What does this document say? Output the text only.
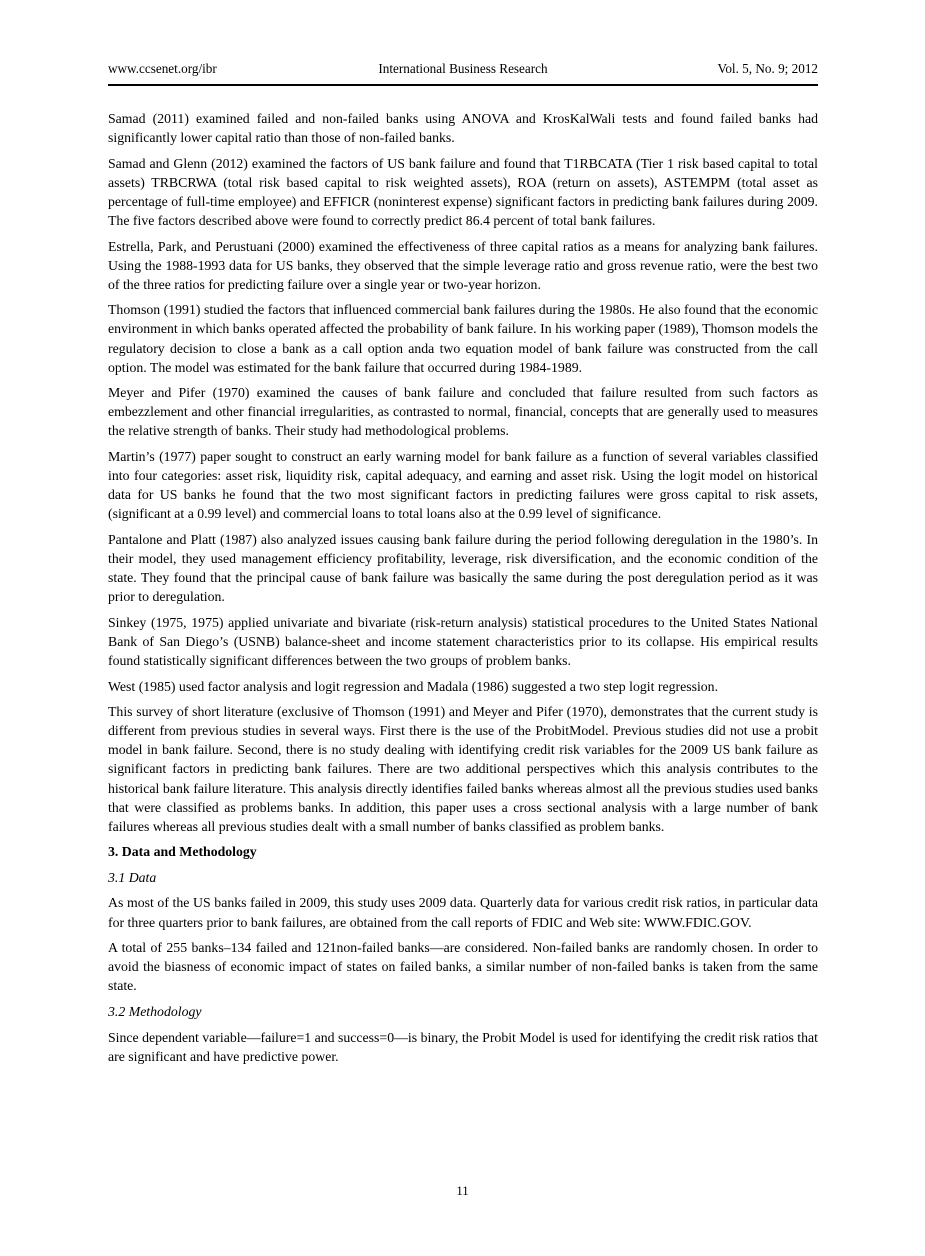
www.ccsenet.org/ibr	International Business Research	Vol. 5, No. 9; 2012

Samad (2011) examined failed and non-failed banks using ANOVA and KrosKalWali tests and found failed banks had significantly lower capital ratio than those of non-failed banks.

Samad and Glenn (2012) examined the factors of US bank failure and found that T1RBCATA (Tier 1 risk based capital to total assets) TRBCRWA (total risk based capital to risk weighted assets), ROA (return on assets), ASTEMPM (total asset as percentage of full-time employee) and EFFICR (noninterest expense) significant factors in predicting bank failures during 2009. The five factors described above were found to correctly predict 86.4 percent of total bank failures.

Estrella, Park, and Perustuani (2000) examined the effectiveness of three capital ratios as a means for analyzing bank failures. Using the 1988-1993 data for US banks, they observed that the simple leverage ratio and gross revenue ratio, were the best two of the three ratios for predicting failure over a single year or two-year horizon.

Thomson (1991) studied the factors that influenced commercial bank failures during the 1980s. He also found that the economic environment in which banks operated affected the probability of bank failure. In his working paper (1989), Thomson models the regulatory decision to close a bank as a call option anda two equation model of bank failure was constructed from the call option. The model was estimated for the bank failure that occurred during 1984-1989.

Meyer and Pifer (1970) examined the causes of bank failure and concluded that failure resulted from such factors as embezzlement and other financial irregularities, as contrasted to normal, financial, concepts that are generally used to measures the relative strength of banks. Their study had methodological problems.

Martin’s (1977) paper sought to construct an early warning model for bank failure as a function of several variables classified into four categories: asset risk, liquidity risk, capital adequacy, and earning and asset risk. Using the logit model on historical data for US banks he found that the two most significant factors in predicting failures were gross capital to risk assets, (significant at a 0.99 level) and commercial loans to total loans also at the 0.99 level of significance.

Pantalone and Platt (1987) also analyzed issues causing bank failure during the period following deregulation in the 1980’s. In their model, they used management efficiency profitability, leverage, risk diversification, and the economic condition of the state. They found that the principal cause of bank failure was basically the same during the post deregulation period as it was prior to deregulation.

Sinkey (1975, 1975) applied univariate and bivariate (risk-return analysis) statistical procedures to the United States National Bank of San Diego’s (USNB) balance-sheet and income statement characteristics prior to its collapse. His empirical results found statistically significant differences between the two groups of problem banks.

West (1985) used factor analysis and logit regression and Madala (1986) suggested a two step logit regression.

This survey of short literature (exclusive of Thomson (1991) and Meyer and Pifer (1970), demonstrates that the current study is different from previous studies in several ways. First there is the use of the ProbitModel. Previous studies did not use a probit model in bank failure. Second, there is no study dealing with identifying credit risk variables for the 2009 US bank failure as significant factors in predicting bank failures. There are two additional perspectives which this analysis contributes to the historical bank failure literature. This analysis directly identifies failed banks whereas almost all the previous studies used banks that were classified as problems banks. In addition, this paper uses a cross sectional analysis with a large number of bank failures whereas all previous studies dealt with a small number of banks classified as problem banks.

3. Data and Methodology
3.1 Data

As most of the US banks failed in 2009, this study uses 2009 data. Quarterly data for various credit risk ratios, in particular data for three quarters prior to bank failures, are obtained from the call reports of FDIC and Web site: WWW.FDIC.GOV.

A total of 255 banks–134 failed and 121non-failed banks—are considered. Non-failed banks are randomly chosen. In order to avoid the biasness of economic impact of states on failed banks, a similar number of non-failed banks is taken from the same state.

3.2 Methodology

Since dependent variable—failure=1 and success=0—is binary, the Probit Model is used for identifying the credit risk ratios that are significant and have predictive power.

11
